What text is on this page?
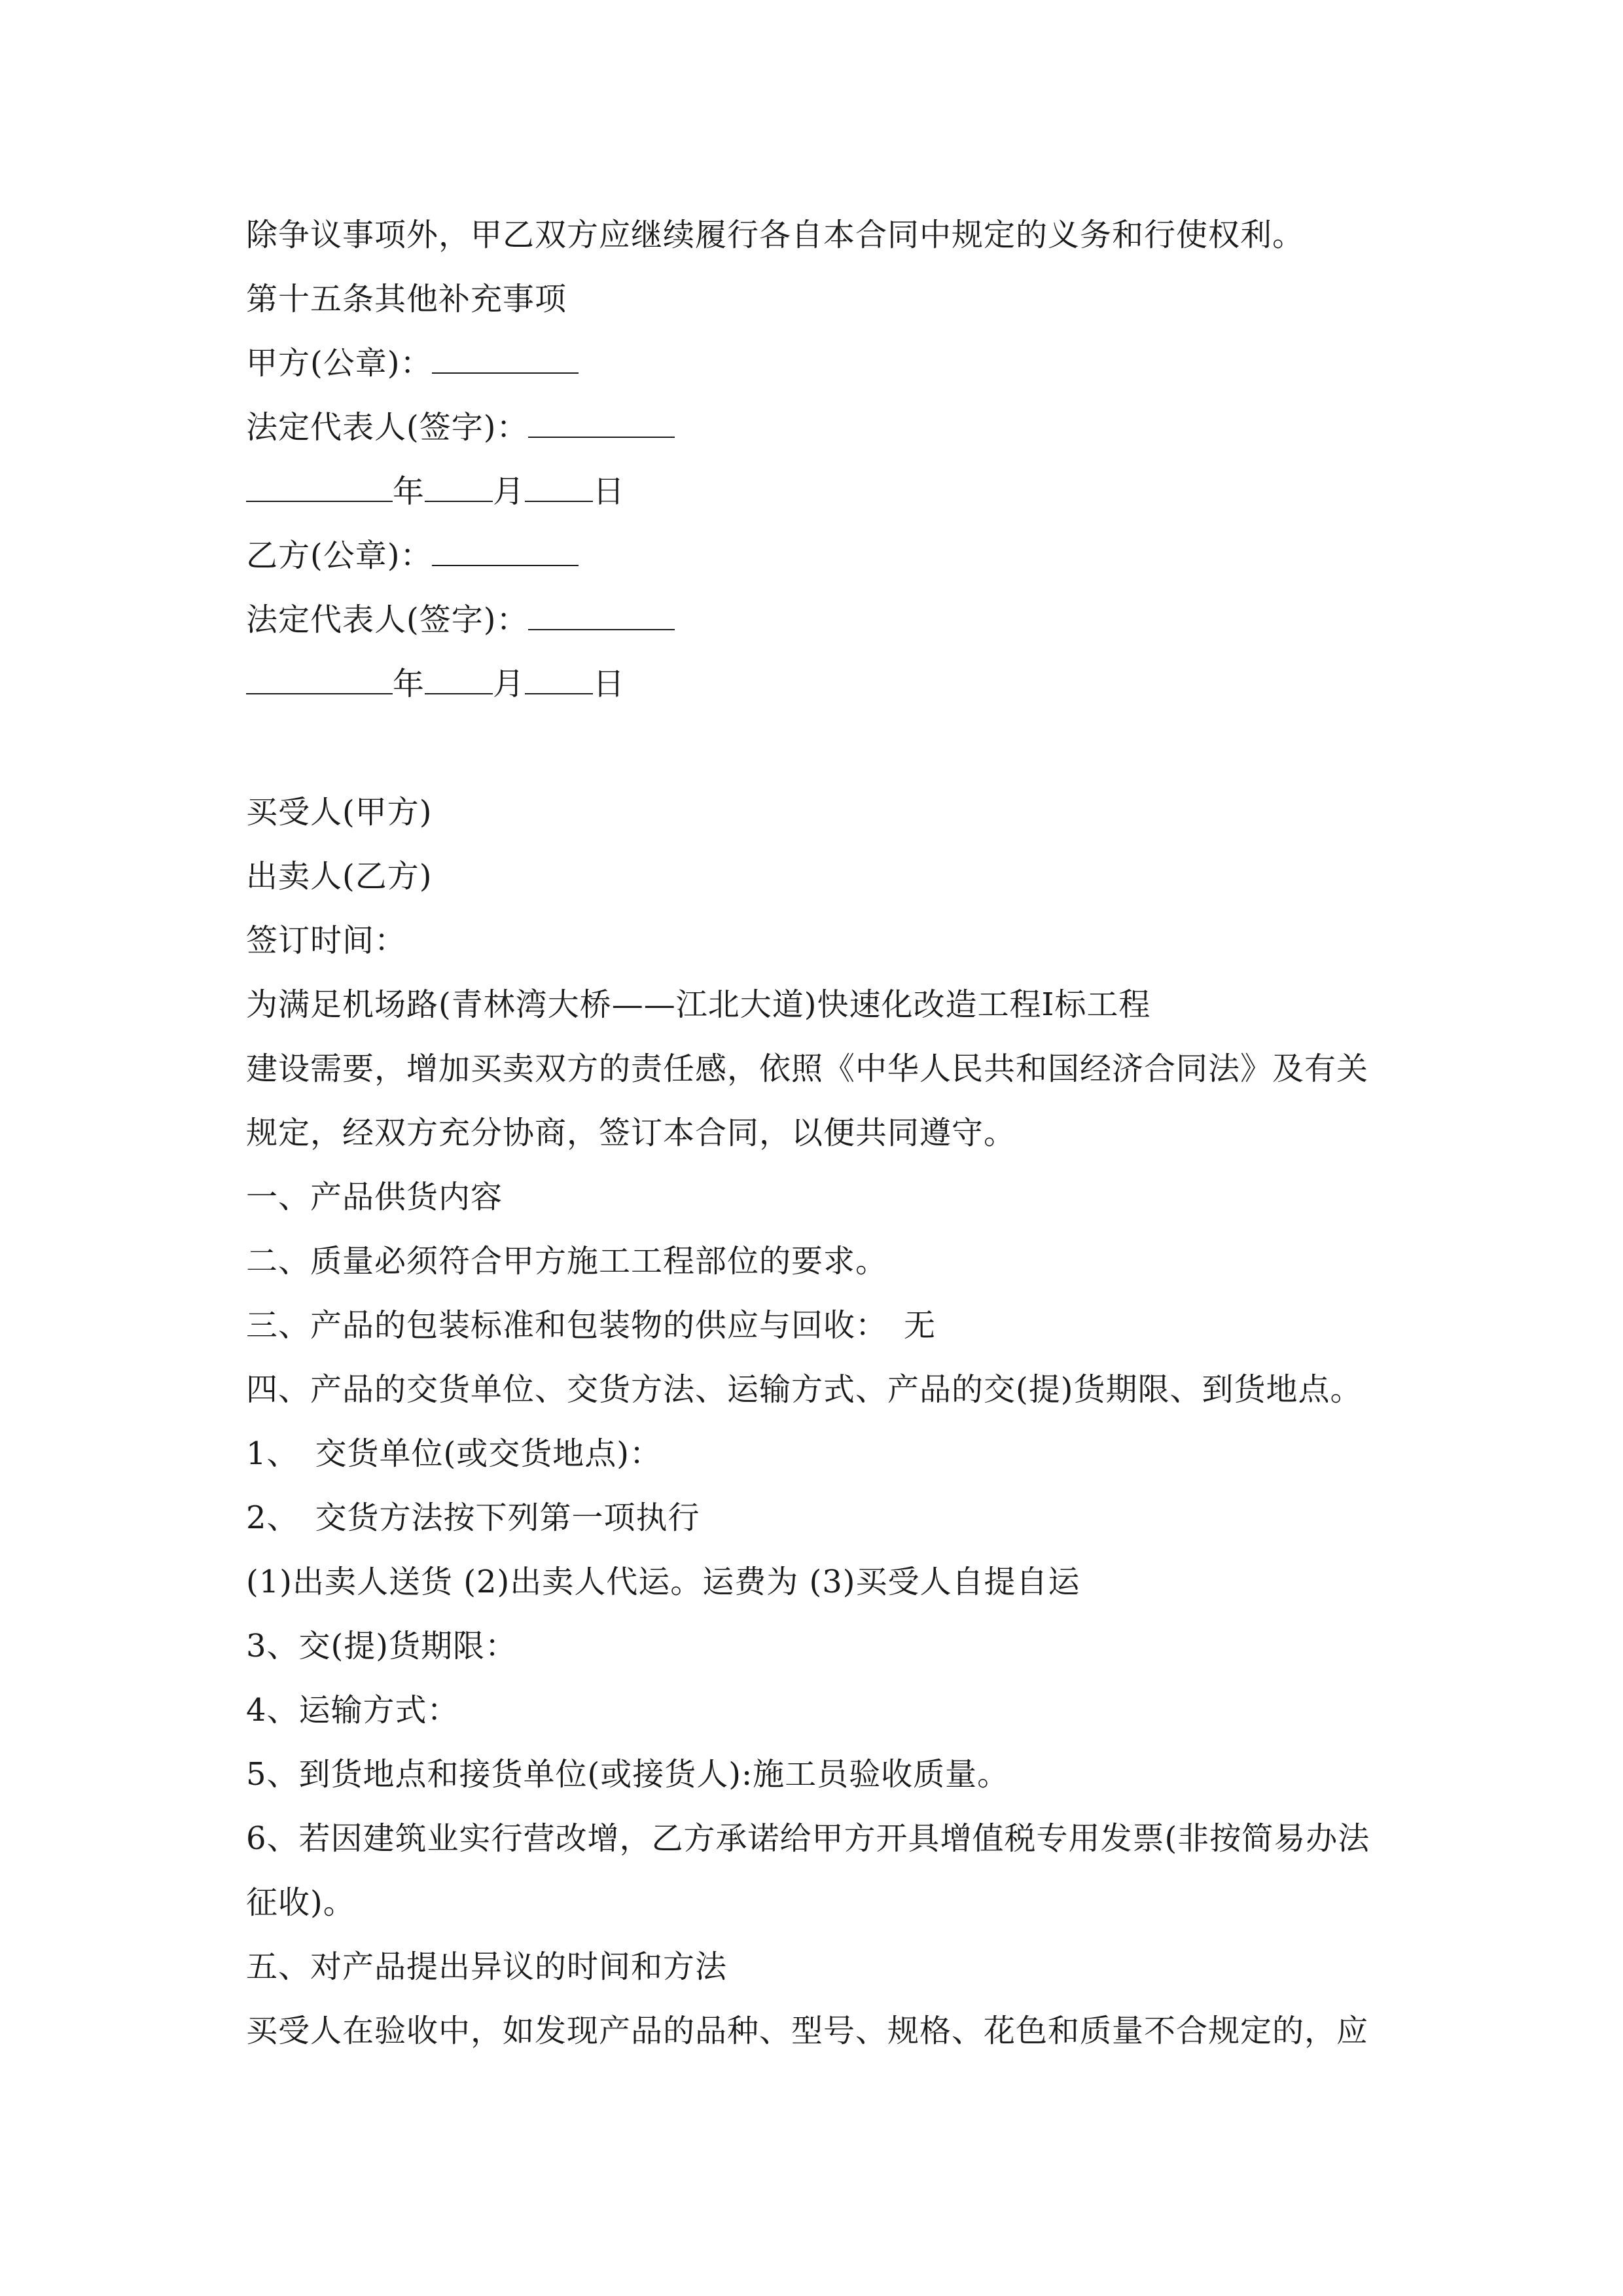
除争议事项外，甲乙双方应继续履行各自本合同中规定的义务和行使权利。
第十五条其他补充事项
甲方(公章)：
法定代表人(签字)：
年 月 日
乙方(公章)：
法定代表人(签字)：
年 月 日
买受人(甲方)
出卖人(乙方)
签订时间：
为满足机场路(青林湾大桥——江北大道)快速化改造工程Ⅰ标工程
建设需要，增加买卖双方的责任感，依照《中华人民共和国经济合同法》及有关
规定，经双方充分协商，签订本合同，以便共同遵守。
一、产品供货内容
二、质量必须符合甲方施工工程部位的要求。
三、产品的包装标准和包装物的供应与回收：　无
四、产品的交货单位、交货方法、运输方式、产品的交(提)货期限、到货地点。
1、　交货单位(或交货地点)：
2、　交货方法按下列第一项执行
(1)出卖人送货 (2)出卖人代运。运费为 (3)买受人自提自运
3、交(提)货期限：
4、运输方式：
5、到货地点和接货单位(或接货人):施工员验收质量。
6、若因建筑业实行营改增，乙方承诺给甲方开具增值税专用发票(非按简易办法
征收)。
五、对产品提出异议的时间和方法
买受人在验收中，如发现产品的品种、型号、规格、花色和质量不合规定的，应
